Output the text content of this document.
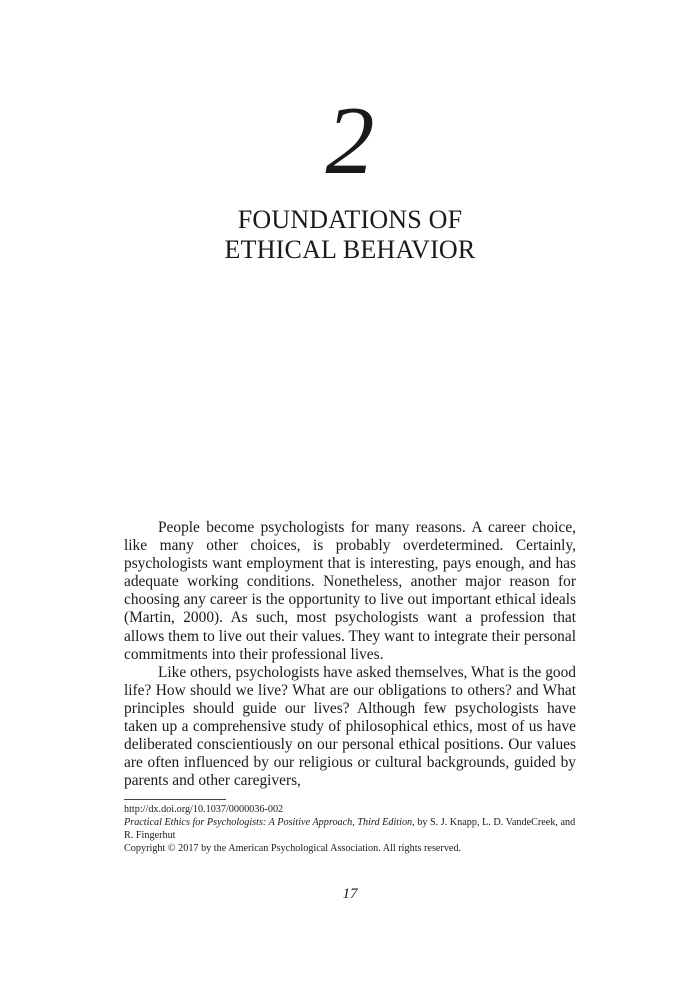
2
FOUNDATIONS OF
ETHICAL BEHAVIOR

People become psychologists for many reasons. A career choice, like many other choices, is probably overdetermined. Certainly, psychologists want employment that is interesting, pays enough, and has adequate working conditions. Nonetheless, another major reason for choosing any career is the opportunity to live out important ethical ideals (Martin, 2000). As such, most psychologists want a profession that allows them to live out their values. They want to integrate their personal commitments into their professional lives.

Like others, psychologists have asked themselves, What is the good life? How should we live? What are our obligations to others? and What principles should guide our lives? Although few psychologists have taken up a comprehensive study of philosophical ethics, most of us have deliberated conscientiously on our personal ethical positions. Our values are often influenced by our religious or cultural backgrounds, guided by parents and other caregivers,

http://dx.doi.org/10.1037/0000036-002
Practical Ethics for Psychologists: A Positive Approach, Third Edition, by S. J. Knapp, L. D. VandeCreek, and R. Fingerhut
Copyright © 2017 by the American Psychological Association. All rights reserved.
17
